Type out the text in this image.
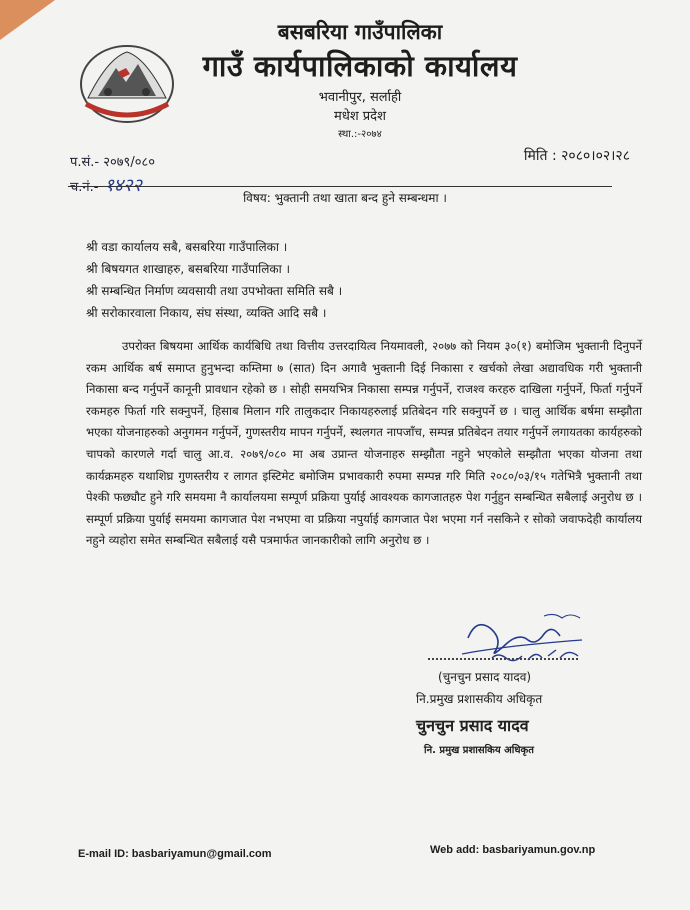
बसबरिया गाउँपालिका
गाउँ कार्यपालिकाको कार्यालय
भवानीपुर, सर्लाही
मधेश प्रदेश
स्था.:-२०७४
प.सं.- २०७९/०८०
च.नं.- १४२२
मिति : २०८०।०२।२८
विषय: भुक्तानी तथा खाता बन्द हुने सम्बन्धमा ।
श्री वडा कार्यालय सबै, बसबरिया गाउँपालिका ।
श्री बिषयगत शाखाहरु, बसबरिया गाउँपालिका ।
श्री सम्बन्धित निर्माण व्यवसायी तथा उपभोक्ता समिति सबै ।
श्री सरोकारवाला निकाय, संघ संस्था, व्यक्ति आदि सबै ।
उपरोक्त बिषयमा आर्थिक कार्यबिधि तथा वित्तीय उत्तरदायित्व नियमावली, २०७७ को नियम ३०(१) बमोजिम भुक्तानी दिनुपर्ने रकम आर्थिक बर्ष समाप्त हुनुभन्दा कम्तिमा ७ (सात) दिन अगावै भुक्तानी दिई निकासा र खर्चको लेखा अद्यावधिक गरी भुक्तानी निकासा बन्द गर्नुपर्ने कानूनी प्रावधान रहेको छ । सोही समयभित्र निकासा सम्पन्न गर्नुपर्ने, राजश्व करहरु दाखिला गर्नुपर्ने, फिर्ता गर्नुपर्ने रकमहरु फिर्ता गरि सक्नुपर्ने, हिसाब मिलान गरि तालुकदार निकायहरुलाई प्रतिबेदन गरि सक्नुपर्ने छ । चालु आर्थिक बर्षमा सम्झौता भएका योजनाहरुको अनुगमन गर्नुपर्ने, गुणस्तरीय मापन गर्नुपर्ने, स्थलगत नापजाँच, सम्पन्न प्रतिबेदन तयार गर्नुपर्ने लगायतका कार्यहरुको चापको कारणले गर्दा चालु आ.व. २०७९/०८० मा अब उप्रान्त योजनाहरु सम्झौता नहुने भएकोले सम्झौता भएका योजना तथा कार्यक्रमहरु यथाशिघ्र गुणस्तरीय र लागत इस्टिमेट बमोजिम प्रभावकारी रुपमा सम्पन्न गरि मिति २०८०/०३/१५ गतेभित्रै भुक्तानी तथा पेश्की फछ्यौट हुने गरि समयमा नै कार्यालयमा सम्पूर्ण प्रक्रिया पुर्याई आवश्यक कागजातहरु पेश गर्नुहुन सम्बन्धित सबैलाई अनुरोध छ । सम्पूर्ण प्रक्रिया पुर्याई समयमा कागजात पेश नभएमा वा प्रक्रिया नपुर्याई कागजात पेश भएमा गर्न नसकिने र सोको जवाफदेही कार्यालय नहुने व्यहोरा समेत सम्बन्धित सबैलाई यसै पत्रमार्फत जानकारीको लागि अनुरोध छ ।
(चुनचुन प्रसाद यादव)
नि.प्रमुख प्रशासकीय अधिकृत
चुनचुन प्रसाद यादव
नि. प्रमुख प्रशासकिय अधिकृत
E-mail ID: basbariyamun@gmail.com	Web add: basbariyamun.gov.np
